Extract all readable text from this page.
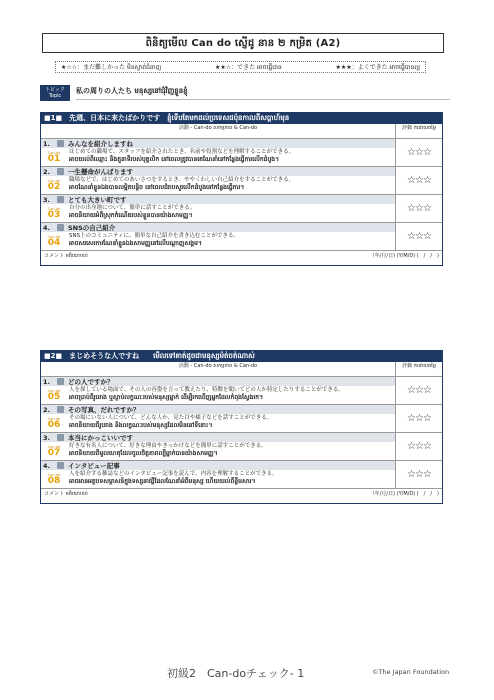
ពិនិត្យមើល Can do ស្ញើដូ នាន ២ កម្រិត (A2)
★☆☆：まだ難しかった មិនស្ទាត់ជំនាញ	★★☆：できた អាចធ្វើបាន	★★★：よくできた អាចធ្វើបានល្អ
トピック
Topic
私の周りの人たち មនុស្សនៅជុំវិញខ្លួនខ្ញុំ
■1■　先週、日本に来たばかりです　ខ្ញុំទើបតែមកដល់ប្រទេសជប៉ុនកាលពីសប្តាហ៍មុន
活動 - Can-do សកម្មភាព & Can-do	評価 ការវាយតម្លៃ
1.	みんなを紹介しますね
Can-do
01
はじめての職場で、スタッフを紹介されたとき、名前や役割などを理解することができる。
អាចយល់ពីឈ្មោះ និងតួនាទីរបស់បុគ្គលិក នៅពេលត្រូវបានគេណែនាំនៅកន្លែងធ្វើការលើកដំបូង។
☆☆☆
2.	一生懸命がんばります
Can-do
02
職場などで、はじめてのあいさつをするとき、ややくわしい自己紹介をすることができる。
អាចណែនាំខ្លួនឯងបានលម្អិតបន្តិច នៅពេលជំរាបសួរលើកដំបូងនៅកន្លែងធ្វើការ។
☆☆☆
3.	とても大きい町です
Can-do
03
自分の出身地について、簡単に話すことができる。
អាចនិយាយអំពីស្រុកកំណើតរបស់ខ្លួនបានយ៉ាងសាមញ្ញ។
☆☆☆
4.	SNSの自己紹介
Can-do
04
SNS上のコミュニティに、簡単な自己紹介を書き込むことができる。
អាចសរសេរការណែនាំខ្លួនឯងសាមញ្ញនៅលើបណ្តាញសង្គម។
☆☆☆
コメント មតិយោបល់	（年/月/日) (Y/M/D) (　/　/　)
■2■　まじめそうな人ですね　　មើលទៅគាត់ដូចជាមនុស្សម៉ត់ចត់ណាស់
活動 - Can-do សកម្មភាព & Can-do	評価 ការវាយតម្លៃ
1.	どの人ですか？
Can-do
05
人を探している場面で、その人の容姿を言って教えたり、特徴を聞いてどの人か特定したりすることができる。
អាចប្រាប់ពីរូបរាង ឬស្តាប់លក្ខណៈរបស់មនុស្សម្នាក់ ដើម្បីរកឃើញអ្នកដែលកំពុងស្វែងរក។
☆☆☆
2.	その写真、だれですか？
Can-do
06
その場にいない人について、どんな人か、見た目や様子などを話すことができる。
អាចនិយាយពីរូបរាង និងលក្ខណៈរបស់មនុស្សដែលមិននៅទីនោះ។
☆☆☆
3.	本当にかっこいいです
Can-do
07
好きな有名人について、好きな理由やきっかけなどを簡単に話すことができる。
អាចនិយាយពីមូលហេតុដែលចូលចិត្តតារាល្បីម្នាក់បានយ៉ាងសាមញ្ញ។
☆☆☆
4.	インタビュー記事
Can-do
08
人を紹介する雑誌などのインタビュー記事を読んで、内容を理解することができる。
អាចអានអត្ថបទសម្ភាសន៍ក្នុងទស្សនាវដ្តីដែលណែនាំអំពីមនុស្ស ហើយយល់ពីខ្លឹមសារ។
☆☆☆
コメント មតិយោបល់	（年/月/日) (Y/M/D) (　/　/　)
初級2　Can-doチェック- 1	©The Japan Foundation
